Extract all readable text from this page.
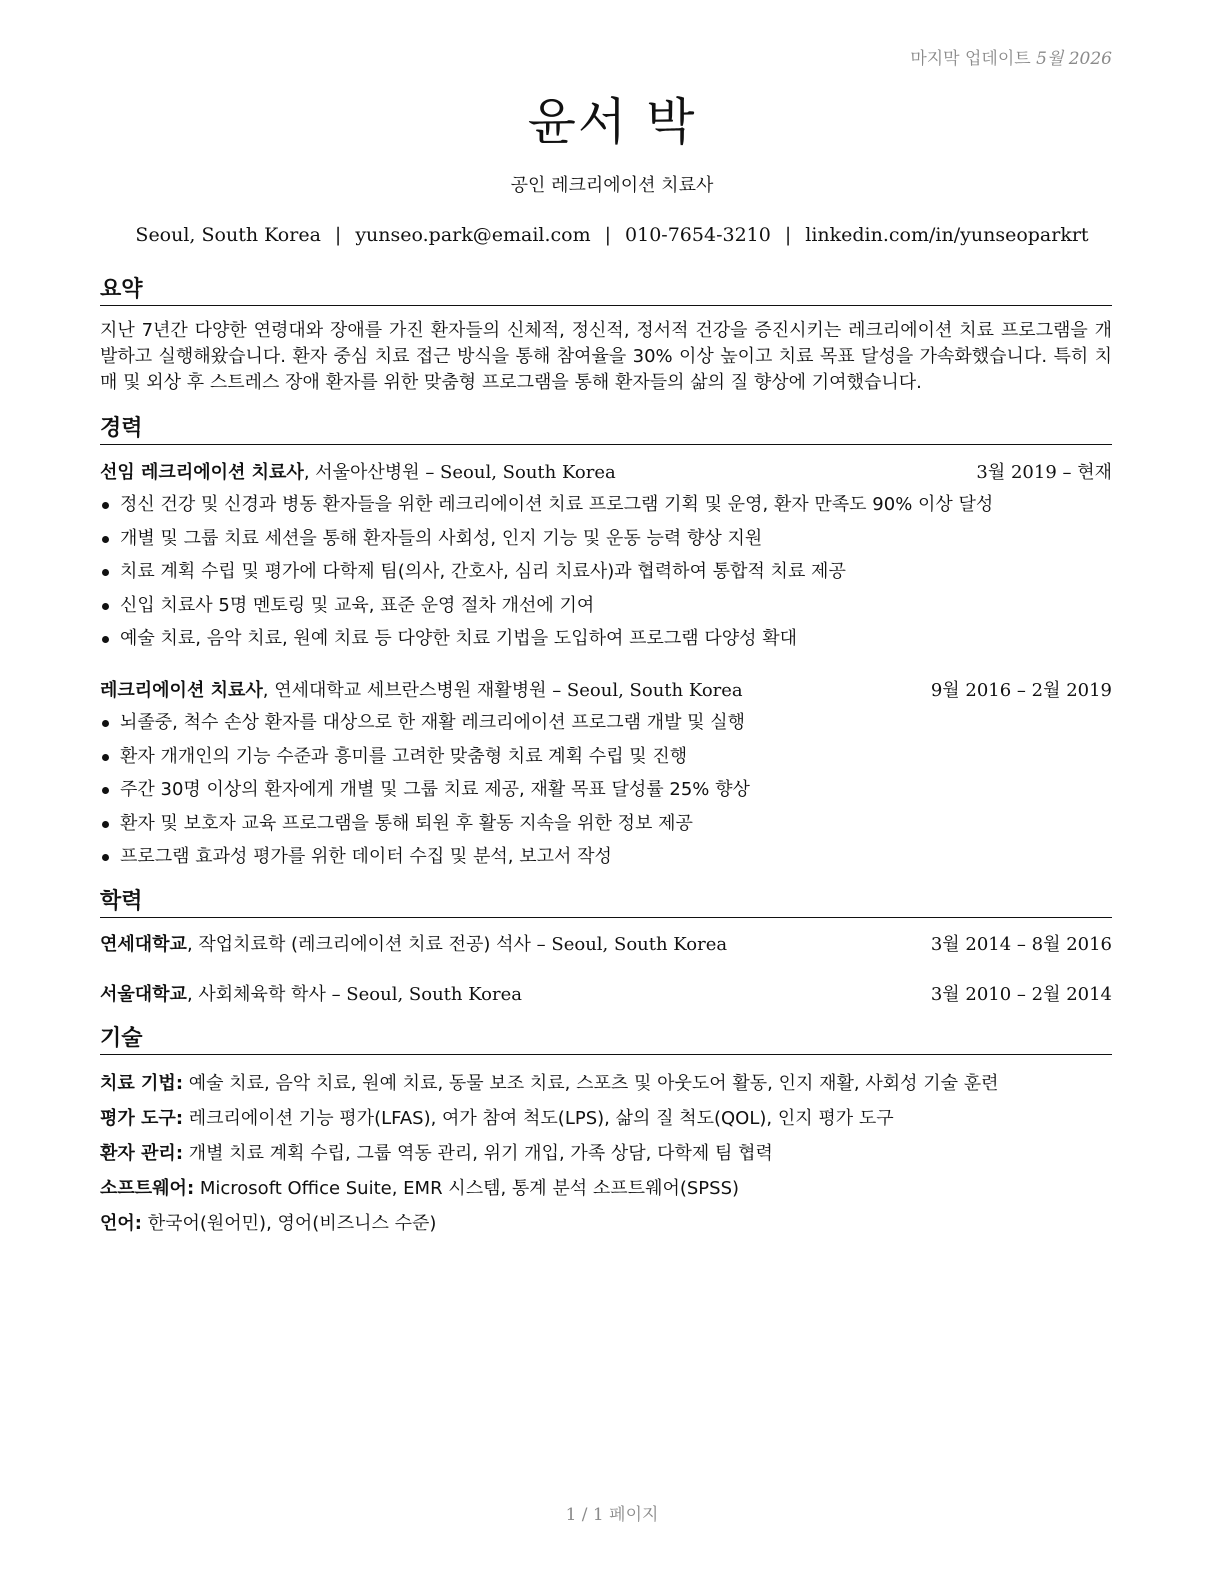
마지막 업데이트 5월 2026
윤서 박
공인 레크리에이션 치료사
Seoul, South Korea | yunseo.park@email.com | 010-7654-3210 | linkedin.com/in/yunseoparkrt
요약
지난 7년간 다양한 연령대와 장애를 가진 환자들의 신체적, 정신적, 정서적 건강을 증진시키는 레크리에이션 치료 프로그램을 개발하고 실행해왔습니다. 환자 중심 치료 접근 방식을 통해 참여율을 30% 이상 높이고 치료 목표 달성을 가속화했습니다. 특히 치매 및 외상 후 스트레스 장애 환자를 위한 맞춤형 프로그램을 통해 환자들의 삶의 질 향상에 기여했습니다.
경력
선임 레크리에이션 치료사, 서울아산병원 – Seoul, South Korea	3월 2019 – 현재
정신 건강 및 신경과 병동 환자들을 위한 레크리에이션 치료 프로그램 기획 및 운영, 환자 만족도 90% 이상 달성
개별 및 그룹 치료 세션을 통해 환자들의 사회성, 인지 기능 및 운동 능력 향상 지원
치료 계획 수립 및 평가에 다학제 팀(의사, 간호사, 심리 치료사)과 협력하여 통합적 치료 제공
신입 치료사 5명 멘토링 및 교육, 표준 운영 절차 개선에 기여
예술 치료, 음악 치료, 원예 치료 등 다양한 치료 기법을 도입하여 프로그램 다양성 확대
레크리에이션 치료사, 연세대학교 세브란스병원 재활병원 – Seoul, South Korea	9월 2016 – 2월 2019
뇌졸중, 척수 손상 환자를 대상으로 한 재활 레크리에이션 프로그램 개발 및 실행
환자 개개인의 기능 수준과 흥미를 고려한 맞춤형 치료 계획 수립 및 진행
주간 30명 이상의 환자에게 개별 및 그룹 치료 제공, 재활 목표 달성률 25% 향상
환자 및 보호자 교육 프로그램을 통해 퇴원 후 활동 지속을 위한 정보 제공
프로그램 효과성 평가를 위한 데이터 수집 및 분석, 보고서 작성
학력
연세대학교, 작업치료학 (레크리에이션 치료 전공) 석사 – Seoul, South Korea	3월 2014 – 8월 2016
서울대학교, 사회체육학 학사 – Seoul, South Korea	3월 2010 – 2월 2014
기술
치료 기법: 예술 치료, 음악 치료, 원예 치료, 동물 보조 치료, 스포츠 및 아웃도어 활동, 인지 재활, 사회성 기술 훈련
평가 도구: 레크리에이션 기능 평가(LFAS), 여가 참여 척도(LPS), 삶의 질 척도(QOL), 인지 평가 도구
환자 관리: 개별 치료 계획 수립, 그룹 역동 관리, 위기 개입, 가족 상담, 다학제 팀 협력
소프트웨어: Microsoft Office Suite, EMR 시스템, 통계 분석 소프트웨어(SPSS)
언어: 한국어(원어민), 영어(비즈니스 수준)
1 / 1 페이지
